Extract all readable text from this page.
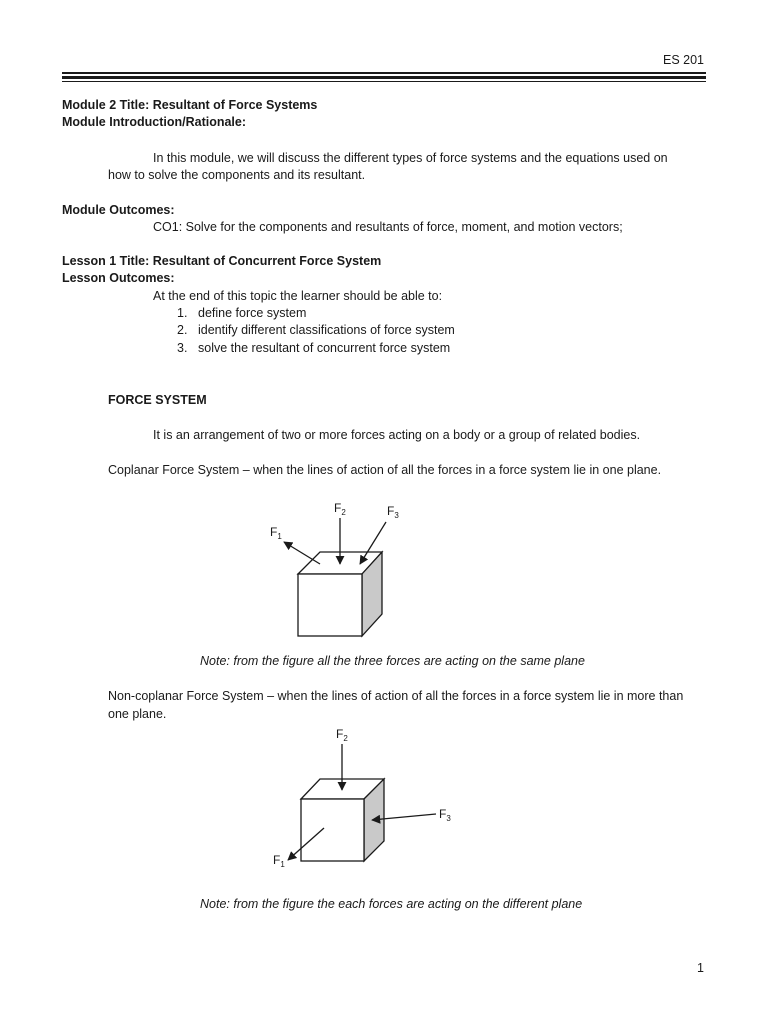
ES 201
Module 2 Title: Resultant of Force Systems
Module Introduction/Rationale:
In this module, we will discuss the different types of force systems and the equations used on
how to solve the components and its resultant.
Module Outcomes:
CO1: Solve for the components and resultants of force, moment, and motion vectors;
Lesson 1 Title: Resultant of Concurrent Force System
Lesson Outcomes:
At the end of this topic the learner should be able to:
1. define force system
2. identify different classifications of force system
3. solve the resultant of concurrent force system
FORCE SYSTEM
It is an arrangement of two or more forces acting on a body or a group of related bodies.
Coplanar Force System – when the lines of action of all the forces in a force system lie in one plane.
$F_1$
$F_2$	$F_3$
Note: from the figure all the three forces are acting on the same plane
Non-coplanar Force System – when the lines of action of all the forces in a force system lie in more than
one plane.
$F_2$
$F_3$
$F_1$
Note: from the figure the each forces are acting on the different plane
1
